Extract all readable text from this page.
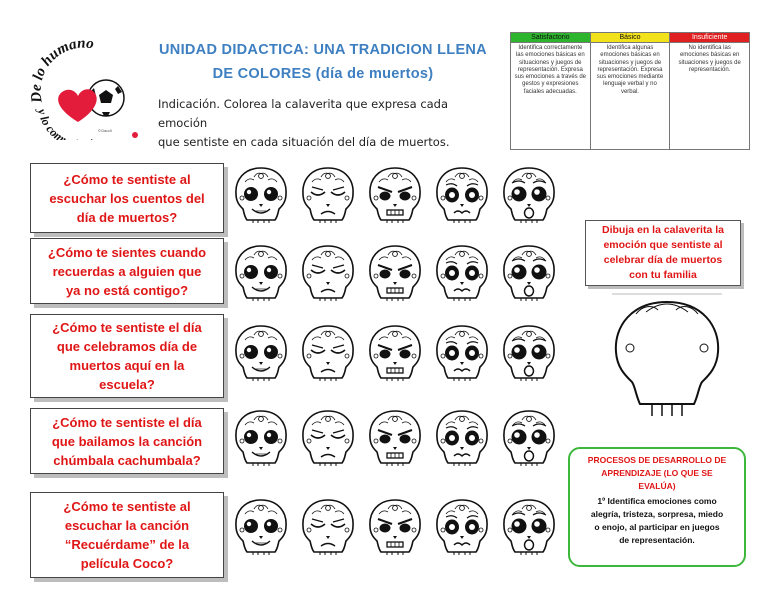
De lo humano
y lo com	©Gaudi
UNIDAD DIDACTICA: UNA TRADICION LLENA
DE COLORES (día de muertos)
Indicación. Colorea la calaverita que expresa cada emoción
que sentiste en cada situación del día de muertos.
Satisfactorio	Básico	Insuficiente
Identifica correctamente las emociones básicas en situaciones y juegos de representación. Expresa sus emociones a través de gestos y expresiones faciales adecuadas.	Identifica algunas emociones básicas en situaciones y juegos de representación. Expresa sus emociones mediante lenguaje verbal y no verbal.	No identifica las emociones básicas en situaciones y juegos de representación.
¿Cómo te sentiste al
escuchar los cuentos del
día de muertos?
¿Cómo te sientes cuando
recuerdas a alguien que
ya no está contigo?
¿Cómo te sentiste el día
que celebramos día de
muertos aquí en la
escuela?
¿Cómo te sentiste el día
que bailamos la canción
chúmbala cachumbala?
¿Cómo te sentiste al
escuchar la canción
“Recuérdame” de la
película Coco?
Dibuja en la calaverita la
emoción que sentiste al
celebrar día de muertos
con tu familia
PROCESOS DE DESARROLLO DE
APRENDIZAJE (LO QUE SE
EVALÚA)
1º Identifica emociones como
alegría, tristeza, sorpresa, miedo
o enojo, al participar en juegos
de representación.
